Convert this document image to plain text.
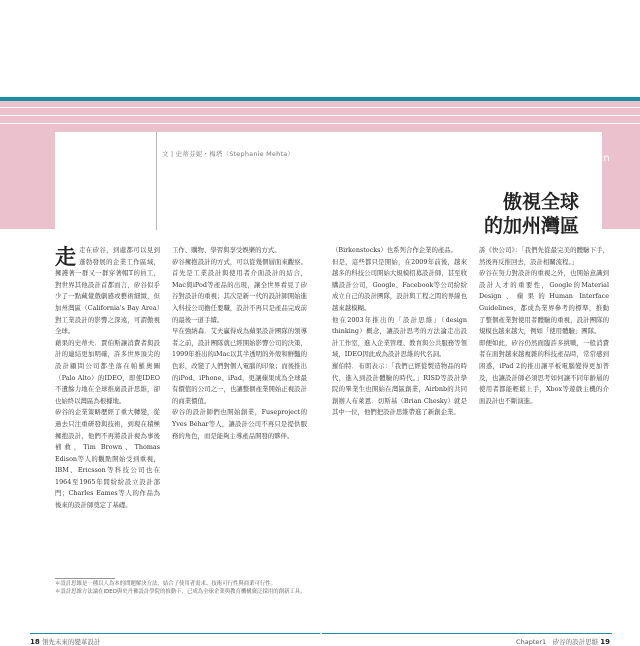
文 | 史蒂芬妮・梅塔（Stephanie Mehta）	Silicon Valley Embraces Design
傲視全球
的加州灣區
走 走在矽谷，到處都可以見到蓬勃發展的企業工作區域，擁護著一群又一群穿著帽T的員工，對世界其他設計首都而言，矽谷似乎少了一點藏覺戲劇感或藝術細緻，但加州灣區（California's Bay Area）對工業設計的影響之深遠，可謂傲視全球。

藉果的史蒂夫．賈伯斯讓消費者與設計的連結更加明確，許多世界頂尖的設計顧問公司都坐落在帕羅奧圖（Palo Alto）的IDEO，即使IDEO不遺餘力地在全球推廣設計思維，卻也始終以灣區為根據地。

矽谷的企業策略歷經了重大轉變，從過去只注重研發與技術，到現在積極擁抱設計，他們不再將設計視為事後補救，Tim Brown、Thomas Edison等人的觀點開始受到重視，IBM、Ericsson等科技公司也在1964至1965年間紛紛設立設計部門；Charles Eames等人的作品為後來的設計師奠定了基礎。

工作、購物、學習與享受娛樂的方式。

矽谷擁抱設計的方式，可以從幾個層面來觀察。首先是工業設計與使用者介面設計的結合，Mac與iPod等產品的出現，讓全世界看見了矽谷對設計的重視；其次是新一代的設計師開始進入科技公司擔任要職，設計不再只是產品完成前的最後一道手續。

早在強納森．艾夫贏得成為蘋果設計團隊的領導者之前，設計團隊就已經開始影響公司的決策，1999年推出的iMac以其半透明的外殼和鮮豔的色彩，改變了人們對個人電腦的印象；而後推出的iPod、iPhone、iPad，更讓蘋果成為全球最有價值的公司之一，也讓整個產業開始正視設計的商業價值。

矽谷的設計師們也開始創業，Fuseproject的Yves Béhar等人，讓設計公司不再只是提供服務的角色，而是能夠主導產品開發的夥伴。

（Birkenstocks）也系列合作企業的產品。

但是，這些都只是開始，在2009年前後，越來越多的科技公司開始大規模招募設計師，甚至收購設計公司，Google、Facebook等公司紛紛成立自己的設計團隊，設計與工程之間的界線也越來越模糊。

他在2003年推出的「設計思維」（design thinking）概念，讓設計思考的方法論走出設計工作室，進入企業管理、教育與公共服務等領域，IDEO因此成為設計思維的代名詞。

羅伯特．布朗表示：「我們已經從製造物品的時代，進入到設計體驗的時代。」RISD等設計學院的畢業生也開始在灣區創業，Airbnb的共同創辦人布萊恩．切斯基（Brian Chesky）就是其中一位，他們把設計思維帶進了新創企業。

訴《快公司》：「我們先從最完美的體驗下手，然後再反推回去，設計相關流程。」

矽谷在努力對設計的重視之外，也開始意識到設計人才的重要性，Google的Material Design、蘋果的Human Interface Guidelines，都成為業界參考的標準，推動了整個產業對使用者體驗的重視，設計團隊的規模也越來越大，例如「使用體驗」團隊。

即便如此，矽谷仍然面臨許多挑戰，一般消費者在面對越來越複雜的科技產品時，常常感到困惑，iPad 2的推出讓平板電腦變得更加普及，也讓設計師必須思考如何讓不同年齡層的使用者都能輕鬆上手，Xbox等遊戲主機的介面設計也不斷演進。

＊設計思維是一種以人為本的問題解決方法，結合了使用者需求、技術可行性與商業可行性。
＊設計思維方法論在IDEO與史丹佛設計學院的推動下，已成為全球企業與教育機構廣泛採用的創新工具。
18 領先未來的變革設計	Chapter1　矽谷的設計思維 19
